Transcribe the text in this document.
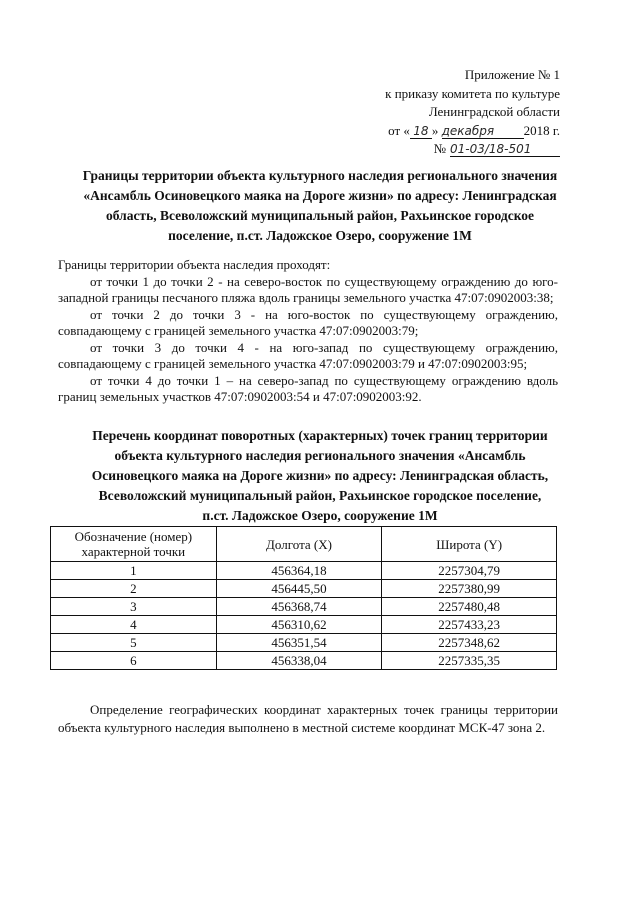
Приложение № 1
к приказу комитета по культуре
Ленинградской области
от « 18 » декабря 2018 г.
№ 01-03/18-501
Границы территории объекта культурного наследия регионального значения
«Ансамбль Осиновецкого маяка на Дороге жизни» по адресу: Ленинградская
область, Всеволожский муниципальный район, Рахьинское городское
поселение, п.ст. Ладожское Озеро, сооружение 1М

Границы территории объекта наследия проходят:

от точки 1 до точки 2 - на северо-восток по существующему ограждению до юго-западной границы песчаного пляжа вдоль границы земельного участка 47:07:0902003:38;

от точки 2 до точки 3 - на юго-восток по существующему ограждению, совпадающему с границей земельного участка 47:07:0902003:79;

от точки 3 до точки 4 - на юго-запад по существующему ограждению, совпадающему с границей земельного участка 47:07:0902003:79 и 47:07:0902003:95;

от точки 4 до точки 1 – на северо-запад по существующему ограждению вдоль границ земельных участков 47:07:0902003:54 и 47:07:0902003:92.

Перечень координат поворотных (характерных) точек границ территории
объекта культурного наследия регионального значения «Ансамбль
Осиновецкого маяка на Дороге жизни» по адресу: Ленинградская область,
Всеволожский муниципальный район, Рахьинское городское поселение,
п.ст. Ладожское Озеро, сооружение 1М
Обозначение (номер) характерной точки	Долгота (X)	Широта (Y)
1	456364,18	2257304,79
2	456445,50	2257380,99
3	456368,74	2257480,48
4	456310,62	2257433,23
5	456351,54	2257348,62
6	456338,04	2257335,35

Определение географических координат характерных точек границы территории объекта культурного наследия выполнено в местной системе координат МСК-47 зона 2.
